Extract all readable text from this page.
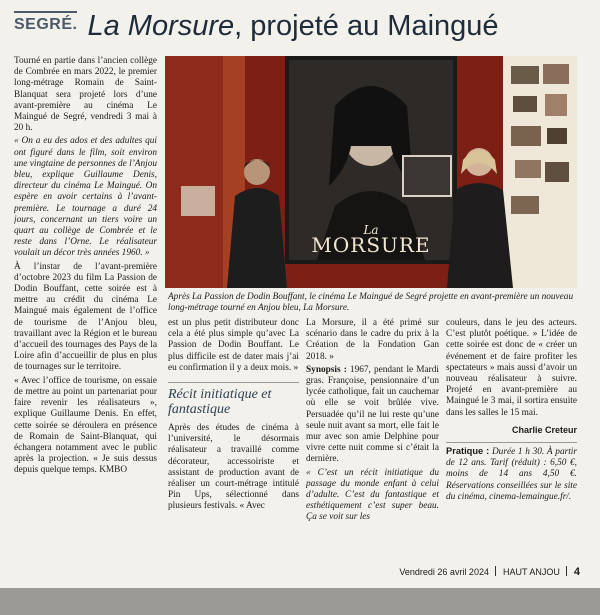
SEGRÉ. La Morsure, projeté au Maingué

Tourné en partie dans l’ancien collège de Combrée en mars 2022, le premier long-métrage Romain de Saint-Blanquat sera projeté lors d’une avant-première au cinéma Le Maingué de Segré, vendredi 3 mai à 20 h.

« On a eu des ados et des adultes qui ont figuré dans le film, soit environ une vingtaine de personnes de l’Anjou bleu, explique Guillaume Denis, directeur du cinéma Le Maingué. On espère en avoir certains à l’avant-première. Le tournage a duré 24 jours, concernant un tiers voire un quart au collège de Combrée et le reste dans l’Orne. Le réalisateur voulait un décor très années 1960. »

À l’instar de l’avant-première d’octobre 2023 du film La Passion de Dodin Bouffant, cette soirée est à mettre au crédit du cinéma Le Maingué mais également de l’office de tourisme de l’Anjou bleu, travaillant avec la Région et le bureau d’accueil des tournages des Pays de la Loire afin d’accueillir de plus en plus de tournages sur le territoire.

« Avec l’office de tourisme, on essaie de mettre au point un partenariat pour faire revenir les réalisateurs », explique Guillaume Denis. En effet, cette soirée se déroulera en présence de Romain de Saint-Blanquat, qui échangera notamment avec le public après la projection. « Je suis dessus depuis quelque temps. KMBO

La
MORSURE
Après La Passion de Dodin Bouffant, le cinéma Le Maingué de Segré projette en avant-première un nouveau long-métrage tourné en Anjou bleu, La Morsure.

est un plus petit distributeur donc cela a été plus simple qu’avec La Passion de Dodin Bouffant. Le plus difficile est de dater mais j’ai eu confirmation il y a deux mois. »

Récit initiatique et fantastique

Après des études de cinéma à l’université, le désormais réalisateur a travaillé comme décorateur, accessoiriste et assistant de production avant de réaliser un court-métrage intitulé Pin Ups, sélectionné dans plusieurs festivals. « Avec

La Morsure, il a été primé sur scénario dans le cadre du prix à la Création de la Fondation Gan 2018. »

Synopsis : 1967, pendant le Mardi gras. Françoise, pensionnaire d’un lycée catholique, fait un cauchemar où elle se voit brûlée vive. Persuadée qu’il ne lui reste qu’une seule nuit avant sa mort, elle fait le mur avec son amie Delphine pour vivre cette nuit comme si c’était la dernière.

« C’est un récit initiatique du passage du monde enfant à celui d’adulte. C’est du fantastique et esthétiquement c’est super beau. Ça se voit sur les

couleurs, dans le jeu des acteurs. C’est plutôt poétique. » L’idée de cette soirée est donc de « créer un événement et de faire profiter les spectateurs » mais aussi d’avoir un nouveau réalisateur à suivre. Projeté en avant-première au Maingué le 3 mai, il sortira ensuite dans les salles le 15 mai.

Charlie Creteur

Pratique : Durée 1 h 30. À partir de 12 ans. Tarif (réduit) : 6,50 €, moins de 14 ans 4,50 €. Réservations conseillées sur le site du cinéma, cinema-lemaingue.fr/.

Vendredi 26 avril 2024 HAUT ANJOU 4
